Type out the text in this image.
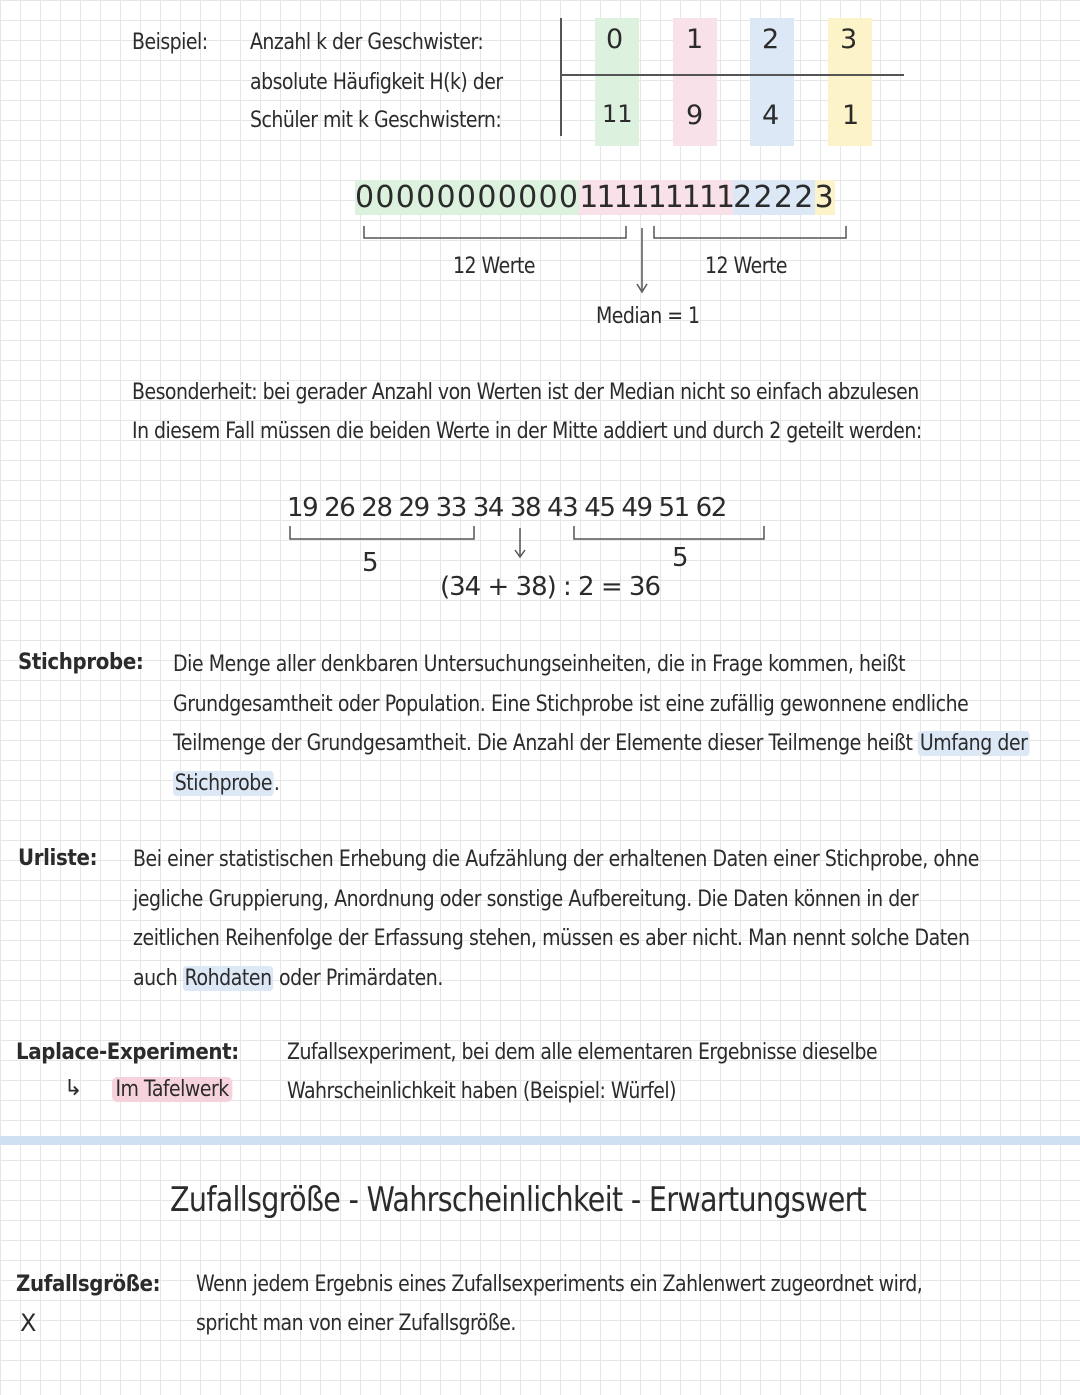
Beispiel: Anzahl k der Geschwister:
absolute Häufigkeit H(k) der
Schüler mit k Geschwistern:
0 1 2 3
11 9 4 1
0000000000011111111122223
12 Werte	12 Werte
Median = 1
Besonderheit: bei gerader Anzahl von Werten ist der Median nicht so einfach abzulesen
In diesem Fall müssen die beiden Werte in der Mitte addiert und durch 2 geteilt werden:
19 26 28 29 33 34 38 43 45 49 51 62
5	5
(34 + 38) : 2 = 36
Stichprobe: Die Menge aller denkbaren Untersuchungseinheiten, die in Frage kommen, heißt
Grundgesamtheit oder Population. Eine Stichprobe ist eine zufällig gewonnene endliche
Teilmenge der Grundgesamtheit. Die Anzahl der Elemente dieser Teilmenge heißt Umfang der
Stichprobe.
Urliste: Bei einer statistischen Erhebung die Aufzählung der erhaltenen Daten einer Stichprobe, ohne
jegliche Gruppierung, Anordnung oder sonstige Aufbereitung. Die Daten können in der
zeitlichen Reihenfolge der Erfassung stehen, müssen es aber nicht. Man nennt solche Daten
auch Rohdaten oder Primärdaten.
Laplace-Experiment:
↳ Im Tafelwerk
Zufallsexperiment, bei dem alle elementaren Ergebnisse dieselbe
Wahrscheinlichkeit haben (Beispiel: Würfel)
Zufallsgröße - Wahrscheinlichkeit - Erwartungswert
Zufallsgröße:
X
Wenn jedem Ergebnis eines Zufallsexperiments ein Zahlenwert zugeordnet wird,
spricht man von einer Zufallsgröße.
